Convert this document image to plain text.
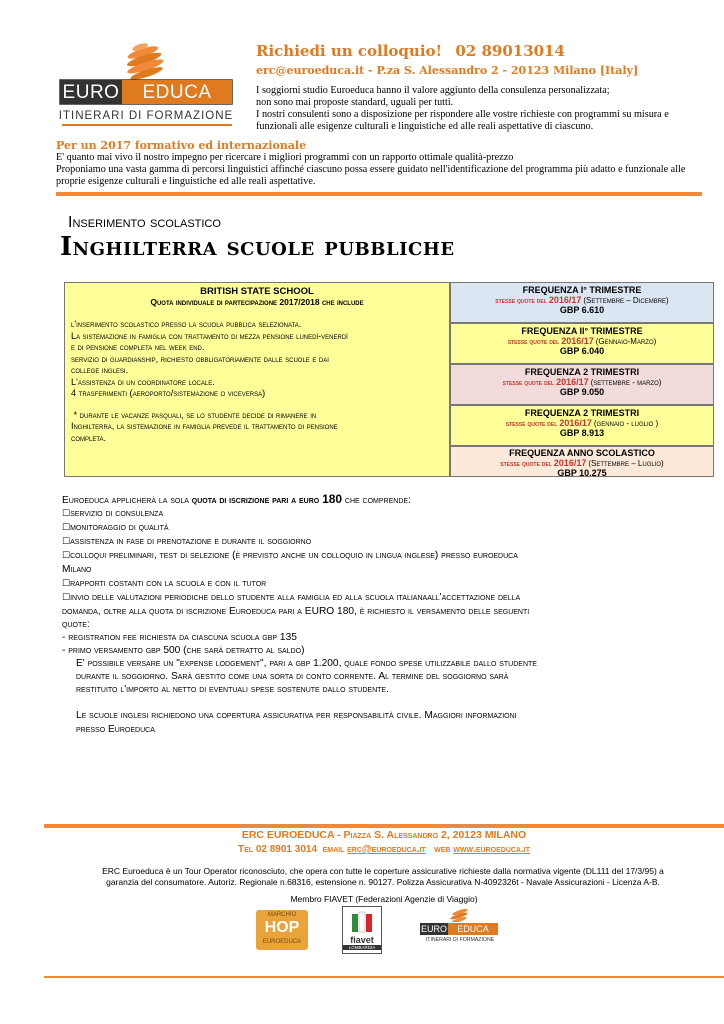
EURO	EDUCA
ITINERARI DI FORMAZIONE
Richiedi un colloquio! 02 89013014
erc@euroeduca.it - P.za S. Alessandro 2 - 20123 Milano [Italy]
I soggiorni studio Euroeduca hanno il valore aggiunto della consulenza personalizzata;
non sono mai proposte standard, uguali per tutti.
I nostri consulenti sono a disposizione per rispondere alle vostre richieste con programmi su misura e
funzionali alle esigenze culturali e linguistiche ed alle reali aspettative di ciascuno.
Per un 2017 formativo ed internazionale
E' quanto mai vivo il nostro impegno per ricercare i migliori programmi con un rapporto ottimale qualità-prezzo
Proponiamo una vasta gamma di percorsi linguistici affinché ciascuno possa essere guidato nell'identificazione del programma più adatto e funzionale alle
proprie esigenze culturali e linguistiche ed alle reali aspettative.
Inserimento scolastico
Inghilterra scuole pubbliche
BRITISH STATE SCHOOL
Quota individuale di partecipazione 2017/2018 che include
l'inserimento scolastico presso la scuola pubblica selezionata.
La sistemazione in famiglia con trattamento di mezza pensione lunedì-venerdì
e di pensione completa nel week end.
servizio di guardianship, richiesto obbligatoriamente dalle scuole e dai
college inglesi.
L'assistenza di un coordinatore locale.
4 trasferimenti (aeroporto/sistemazione o viceversa)
* durante le vacanze pasquali, se lo studente decide di rimanere in
Inghilterra, la sistemazione in famiglia prevede il trattamento di pensione
completa.
FREQUENZA I° TRIMESTRE
stesse quote del 2016/17 (Settembre – Dicembre)
GBP 6.610
FREQUENZA II° TRIMESTRE
stesse quote del 2016/17 (Gennaio-Marzo)
GBP 6.040
FREQUENZA 2 TRIMESTRI
stesse quote del 2016/17 (settembre - marzo)
GBP 9.050
FREQUENZA 2 TRIMESTRI
stesse quote del 2016/17 (gennaio - luglio )
GBP 8.913
FREQUENZA ANNO SCOLASTICO
stesse quote del 2016/17 (Settembre – Luglio)
GBP 10.275
Euroeduca applicherà la sola quota di iscrizione pari a euro 180 che comprende:
☐ servizio di consulenza
☐ monitoraggio di qualità
☐ assistenza in fase di prenotazione e durante il soggiorno
☐ colloqui preliminari, test di selezione (è previsto anche un colloquio in lingua inglese) presso euroeduca
Milano
☐ rapporti costanti con la scuola e con il tutor
☐ invio delle valutazioni periodiche dello studente alla famiglia ed alla scuola italianaall'accettazione della
domanda, oltre alla quota di iscrizione Euroeduca pari a EURO 180, è richiesto il versamento delle seguenti
quote:
- registration fee richiesta da ciascuna scuola gbp 135
- primo versamento gbp 500 (che sarà detratto al saldo)
E' possibile versare un "expense lodgement", pari a gbp 1.200, quale fondo spese utilizzabile dallo studente
durante il soggiorno. Sarà gestito come una sorta di conto corrente. Al termine del soggiorno sarà
restituito l'importo al netto di eventuali spese sostenute dallo studente.
Le scuole inglesi richiedono una copertura assicurativa per responsabilità civile. Maggiori informazioni
presso Euroeduca
ERC EUROEDUCA - Piazza S. Alessandro 2, 20123 MILANO
Tel 02 8901 3014 email erc@euroeduca.it web www.euroeduca.it
ERC Euroeduca è un Tour Operator riconosciuto, che opera con tutte le coperture assicurative richieste dalla normativa vigente (DL111 del 17/3/95) a
garanzia del consumatore. Autoriz. Regionale n.68316, estensione n. 90127. Polizza Assicurativa N-4092326t - Navale Assicurazioni - Licenza A-B.
Membro FIAVET (Federazioni Agenzie di Viaggio)
MARCHIO
HOP
EUROEDUCA	fiavet
LOMBARDIA
EURO	EDUCA
ITINERARI DI FORMAZIONE
